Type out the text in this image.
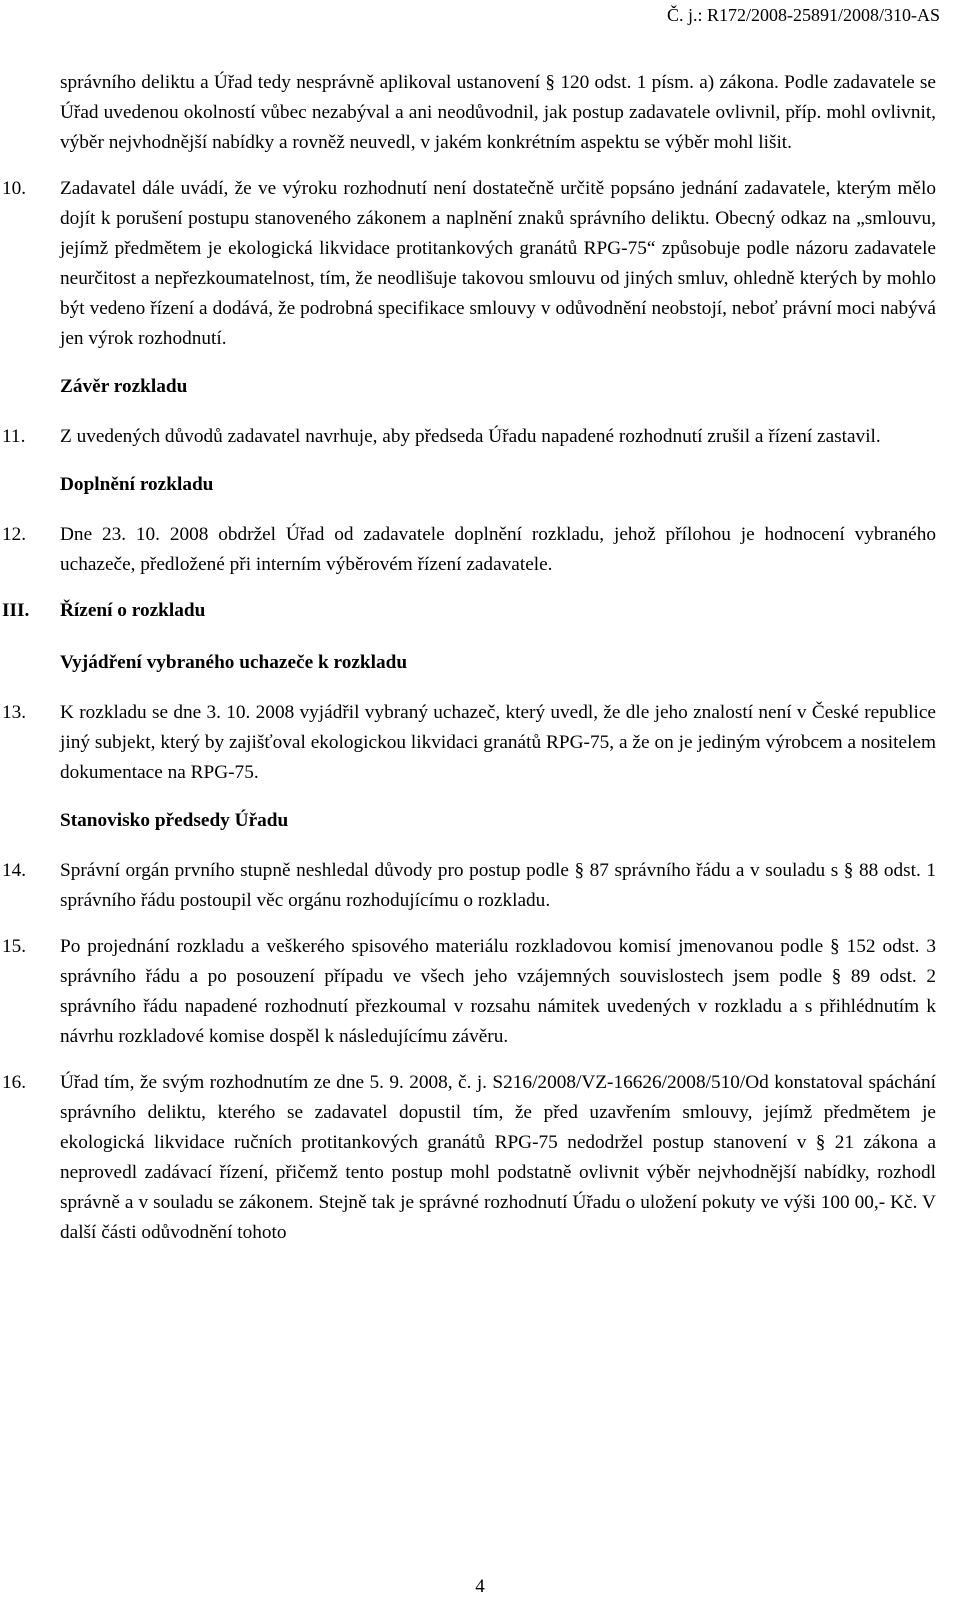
Č. j.: R172/2008-25891/2008/310-AS

správního deliktu a Úřad tedy nesprávně aplikoval ustanovení § 120 odst. 1 písm. a) zákona. Podle zadavatele se Úřad uvedenou okolností vůbec nezabýval a ani neodůvodnil, jak postup zadavatele ovlivnil, příp. mohl ovlivnit, výběr nejvhodnější nabídky a rovněž neuvedl, v jakém konkrétním aspektu se výběr mohl lišit.

10. Zadavatel dále uvádí, že ve výroku rozhodnutí není dostatečně určitě popsáno jednání zadavatele, kterým mělo dojít k porušení postupu stanoveného zákonem a naplnění znaků správního deliktu. Obecný odkaz na „smlouvu, jejímž předmětem je ekologická likvidace protitankových granátů RPG-75“ způsobuje podle názoru zadavatele neurčitost a nepřezkoumatelnost, tím, že neodlišuje takovou smlouvu od jiných smluv, ohledně kterých by mohlo být vedeno řízení a dodává, že podrobná specifikace smlouvy v odůvodnění neobstojí, neboť právní moci nabývá jen výrok rozhodnutí.
Závěr rozkladu
11. Z uvedených důvodů zadavatel navrhuje, aby předseda Úřadu napadené rozhodnutí zrušil a řízení zastavil.
Doplnění rozkladu
12. Dne 23. 10. 2008 obdržel Úřad od zadavatele doplnění rozkladu, jehož přílohou je hodnocení vybraného uchazeče, předložené při interním výběrovém řízení zadavatele.
III. Řízení o rozkladu
Vyjádření vybraného uchazeče k rozkladu
13. K rozkladu se dne 3. 10. 2008 vyjádřil vybraný uchazeč, který uvedl, že dle jeho znalostí není v České republice jiný subjekt, který by zajišťoval ekologickou likvidaci granátů RPG-75, a že on je jediným výrobcem a nositelem dokumentace na RPG-75.
Stanovisko předsedy Úřadu
14. Správní orgán prvního stupně neshledal důvody pro postup podle § 87 správního řádu a v souladu s § 88 odst. 1 správního řádu postoupil věc orgánu rozhodujícímu o rozkladu.
15. Po projednání rozkladu a veškerého spisového materiálu rozkladovou komisí jmenovanou podle § 152 odst. 3 správního řádu a po posouzení případu ve všech jeho vzájemných souvislostech jsem podle § 89 odst. 2 správního řádu napadené rozhodnutí přezkoumal v rozsahu námitek uvedených v rozkladu a s přihlédnutím k návrhu rozkladové komise dospěl k následujícímu závěru.
16. Úřad tím, že svým rozhodnutím ze dne 5. 9. 2008, č. j. S216/2008/VZ-16626/2008/510/Od konstatoval spáchání správního deliktu, kterého se zadavatel dopustil tím, že před uzavřením smlouvy, jejímž předmětem je ekologická likvidace ručních protitankových granátů RPG-75 nedodržel postup stanovení v § 21 zákona a neprovedl zadávací řízení, přičemž tento postup mohl podstatně ovlivnit výběr nejvhodnější nabídky, rozhodl správně a v souladu se zákonem. Stejně tak je správné rozhodnutí Úřadu o uložení pokuty ve výši 100 00,- Kč. V další části odůvodnění tohoto
4
